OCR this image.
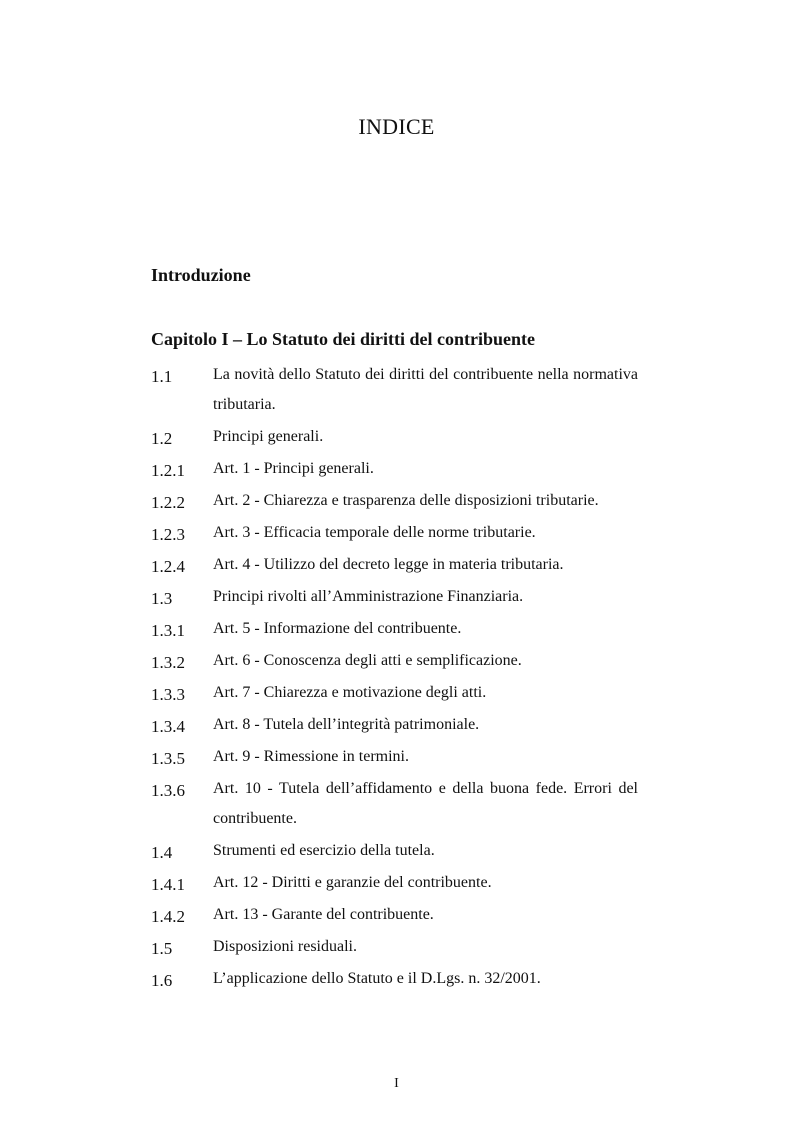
INDICE
Introduzione
Capitolo I – Lo Statuto dei diritti del contribuente
1.1	La novità dello Statuto dei diritti del contribuente nella normativa tributaria.
1.2	Principi generali.
1.2.1 Art. 1 - Principi generali.
1.2.2 Art. 2 - Chiarezza e trasparenza delle disposizioni tributarie.
1.2.3 Art. 3 - Efficacia temporale delle norme tributarie.
1.2.4 Art. 4 - Utilizzo del decreto legge in materia tributaria.
1.3	Principi rivolti all’Amministrazione Finanziaria.
1.3.1 Art. 5 - Informazione del contribuente.
1.3.2 Art. 6 - Conoscenza degli atti e semplificazione.
1.3.3 Art. 7 - Chiarezza e motivazione degli atti.
1.3.4 Art. 8 - Tutela dell’integrità patrimoniale.
1.3.5 Art. 9 - Rimessione in termini.
1.3.6 Art. 10 - Tutela dell’affidamento e della buona fede. Errori del contribuente.
1.4	Strumenti ed esercizio della tutela.
1.4.1 Art. 12 - Diritti e garanzie del contribuente.
1.4.2 Art. 13 - Garante del contribuente.
1.5	Disposizioni residuali.
1.6	L’applicazione dello Statuto e il D.Lgs. n. 32/2001.
I
